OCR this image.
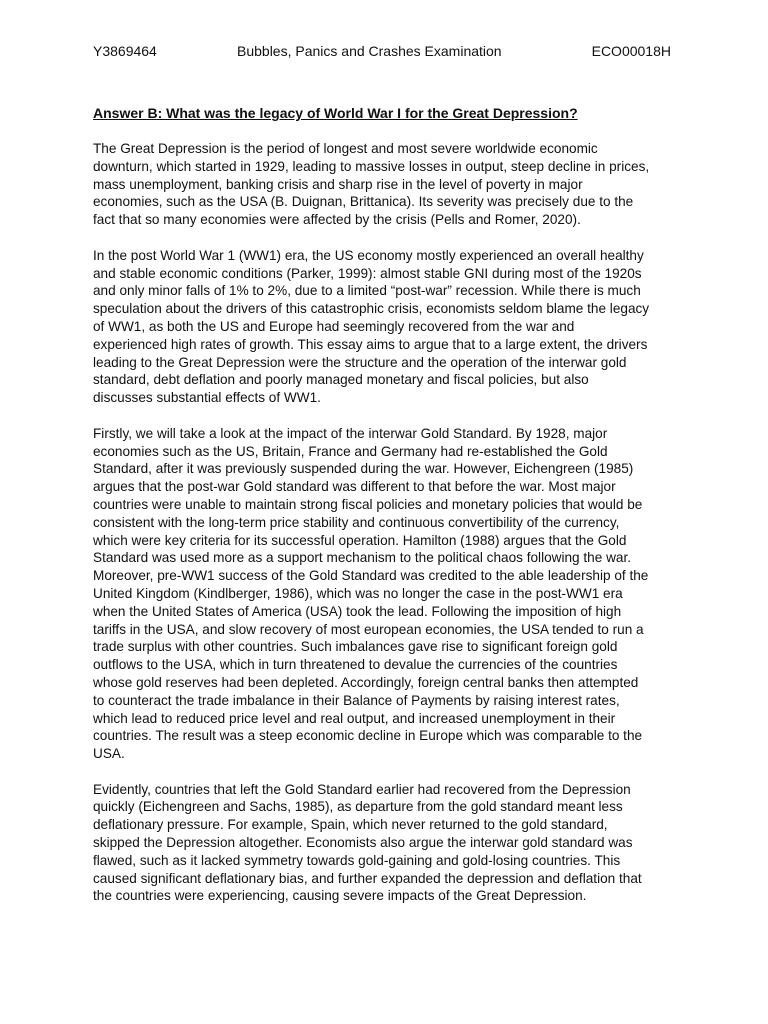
Y3869464	Bubbles, Panics and Crashes Examination	ECO00018H
Answer B: What was the legacy of World War I for the Great Depression?

The Great Depression is the period of longest and most severe worldwide economic
downturn, which started in 1929, leading to massive losses in output, steep decline in prices,
mass unemployment, banking crisis and sharp rise in the level of poverty in major
economies, such as the USA (B. Duignan, Brittanica). Its severity was precisely due to the
fact that so many economies were affected by the crisis (Pells and Romer, 2020).

In the post World War 1 (WW1) era, the US economy mostly experienced an overall healthy
and stable economic conditions (Parker, 1999): almost stable GNI during most of the 1920s
and only minor falls of 1% to 2%, due to a limited “post-war” recession. While there is much
speculation about the drivers of this catastrophic crisis, economists seldom blame the legacy
of WW1, as both the US and Europe had seemingly recovered from the war and
experienced high rates of growth. This essay aims to argue that to a large extent, the drivers
leading to the Great Depression were the structure and the operation of the interwar gold
standard, debt deflation and poorly managed monetary and fiscal policies, but also
discusses substantial effects of WW1.

Firstly, we will take a look at the impact of the interwar Gold Standard. By 1928, major
economies such as the US, Britain, France and Germany had re-established the Gold
Standard, after it was previously suspended during the war. However, Eichengreen (1985)
argues that the post-war Gold standard was different to that before the war. Most major
countries were unable to maintain strong fiscal policies and monetary policies that would be
consistent with the long-term price stability and continuous convertibility of the currency,
which were key criteria for its successful operation. Hamilton (1988) argues that the Gold
Standard was used more as a support mechanism to the political chaos following the war.
Moreover, pre-WW1 success of the Gold Standard was credited to the able leadership of the
United Kingdom (Kindlberger, 1986), which was no longer the case in the post-WW1 era
when the United States of America (USA) took the lead. Following the imposition of high
tariffs in the USA, and slow recovery of most european economies, the USA tended to run a
trade surplus with other countries. Such imbalances gave rise to significant foreign gold
outflows to the USA, which in turn threatened to devalue the currencies of the countries
whose gold reserves had been depleted. Accordingly, foreign central banks then attempted
to counteract the trade imbalance in their Balance of Payments by raising interest rates,
which lead to reduced price level and real output, and increased unemployment in their
countries. The result was a steep economic decline in Europe which was comparable to the
USA.

Evidently, countries that left the Gold Standard earlier had recovered from the Depression
quickly (Eichengreen and Sachs, 1985), as departure from the gold standard meant less
deflationary pressure. For example, Spain, which never returned to the gold standard,
skipped the Depression altogether. Economists also argue the interwar gold standard was
flawed, such as it lacked symmetry towards gold-gaining and gold-losing countries. This
caused significant deflationary bias, and further expanded the depression and deflation that
the countries were experiencing, causing severe impacts of the Great Depression.
